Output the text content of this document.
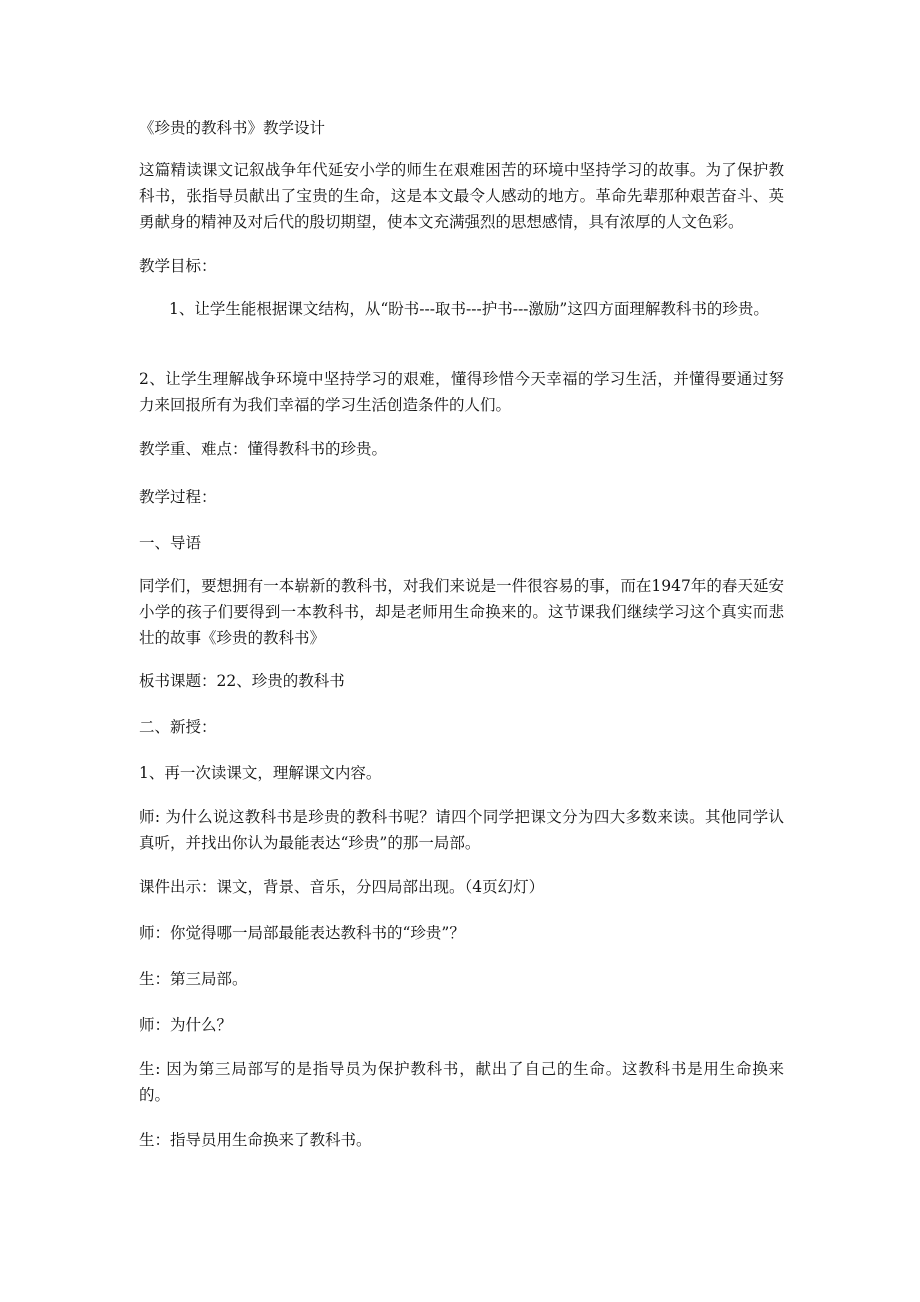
《珍贵的教科书》教学设计

这篇精读课文记叙战争年代延安小学的师生在艰难困苦的环境中坚持学习的故事。为了保护教科书，张指导员献出了宝贵的生命，这是本文最令人感动的地方。革命先辈那种艰苦奋斗、英勇献身的精神及对后代的殷切期望，使本文充满强烈的思想感情，具有浓厚的人文色彩。

教学目标：

1、让学生能根据课文结构，从“盼书---取书---护书---激励”这四方面理解教科书的珍贵。

2、让学生理解战争环境中坚持学习的艰难，懂得珍惜今天幸福的学习生活，并懂得要通过努力来回报所有为我们幸福的学习生活创造条件的人们。

教学重、难点：懂得教科书的珍贵。

教学过程：

一、导语

同学们，要想拥有一本崭新的教科书，对我们来说是一件很容易的事，而在1947年的春天延安小学的孩子们要得到一本教科书，却是老师用生命换来的。这节课我们继续学习这个真实而悲壮的故事《珍贵的教科书》

板书课题：22、珍贵的教科书

二、新授：

1、再一次读课文，理解课文内容。

师: 为什么说这教科书是珍贵的教科书呢？请四个同学把课文分为四大多数来读。其他同学认真听，并找出你认为最能表达“珍贵”的那一局部。

课件出示：课文，背景、音乐，分四局部出现。（4页幻灯）

师：你觉得哪一局部最能表达教科书的“珍贵”？

生：第三局部。

师：为什么？

生: 因为第三局部写的是指导员为保护教科书，献出了自己的生命。这教科书是用生命换来的。

生：指导员用生命换来了教科书。
